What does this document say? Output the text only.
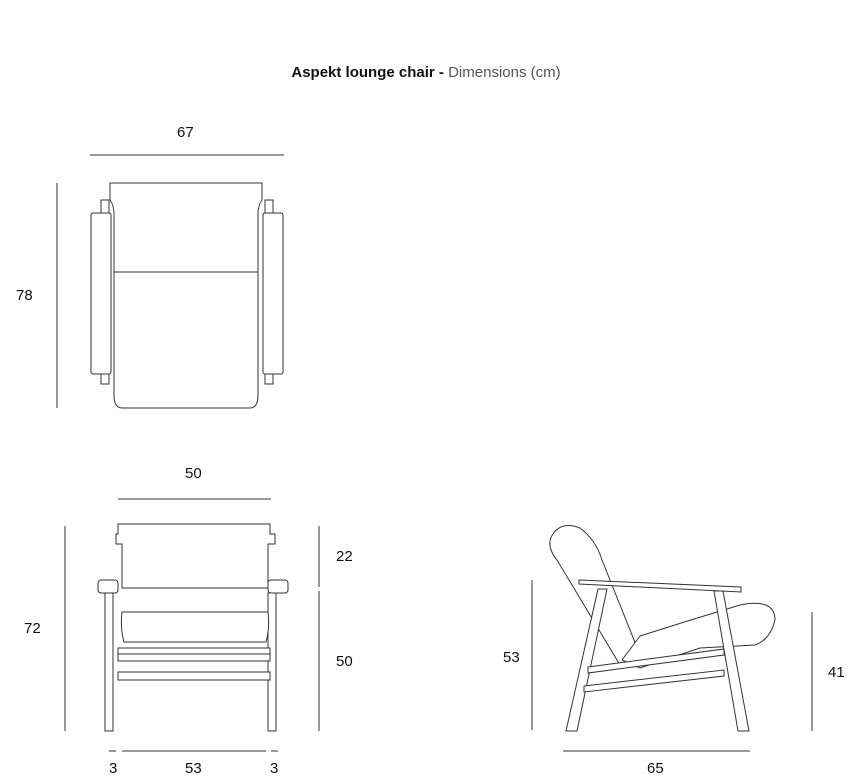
Aspekt lounge chair - Dimensions (cm)
67
78
50
72
22
50
3	53	3
53
41
65
